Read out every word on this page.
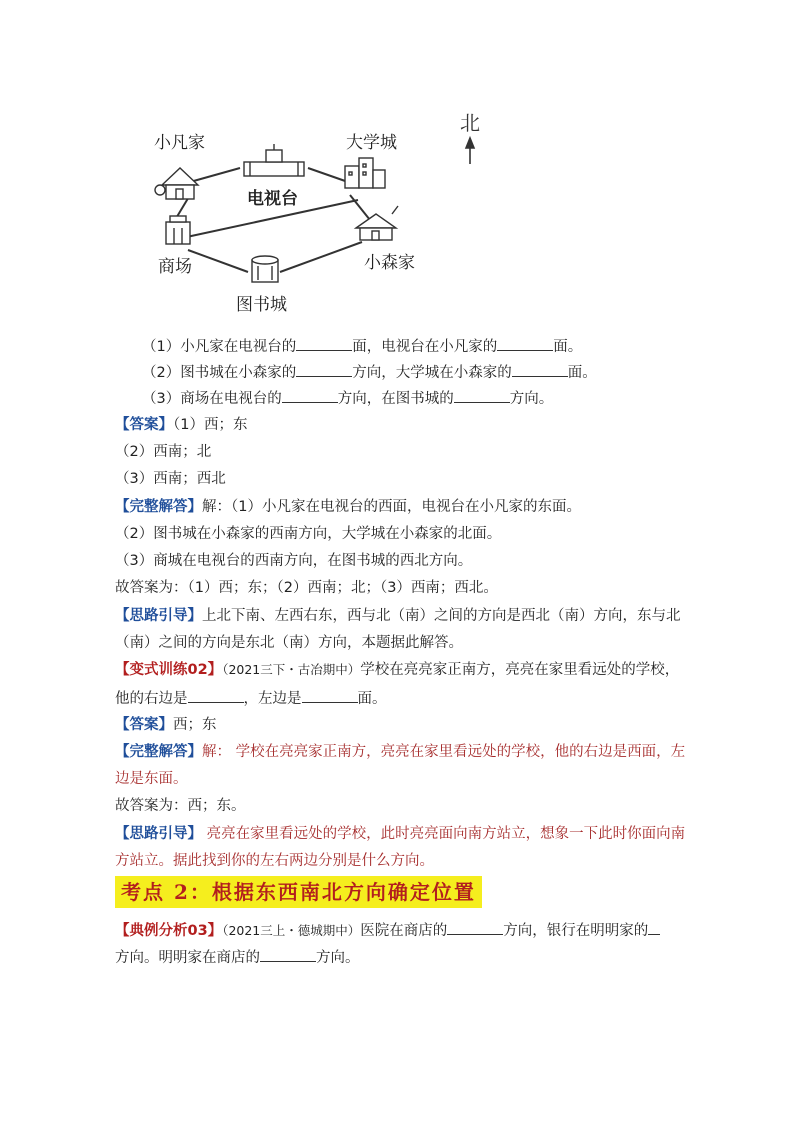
小凡家
电视台
大学城
商场	小森家
图书城
北
（1）小凡家在电视台的	面，电视台在小凡家的	面。
（2）图书城在小森家的	方向，大学城在小森家的	面。
（3）商场在电视台的	方向，在图书城的	方向。
【答案】（1）西；东
（2）西南；北
（3）西南；西北
【完整解答】解：（1）小凡家在电视台的西面，电视台在小凡家的东面。
（2）图书城在小森家的西南方向，大学城在小森家的北面。
（3）商城在电视台的西南方向，在图书城的西北方向。
故答案为：（1）西；东；（2）西南；北；（3）西南；西北。
【思路引导】上北下南、左西右东，西与北（南）之间的方向是西北（南）方向，东与北
（南）之间的方向是东北（南）方向，本题据此解答。
【变式训练02】（2021三下・古冶期中）学校在亮亮家正南方，亮亮在家里看远处的学校，
他的右边是	，左边是	面。
【答案】西；东
【完整解答】解： 学校在亮亮家正南方，亮亮在家里看远处的学校，他的右边是西面，左
边是东面。
故答案为：西；东。
【思路引导】 亮亮在家里看远处的学校，此时亮亮面向南方站立，想象一下此时你面向南
方站立。据此找到你的左右两边分别是什么方向。
考点 2：根据东西南北方向确定位置
【典例分析03】（2021三上・德城期中）医院在商店的	方向，银行在明明家的
方向。明明家在商店的	方向。
